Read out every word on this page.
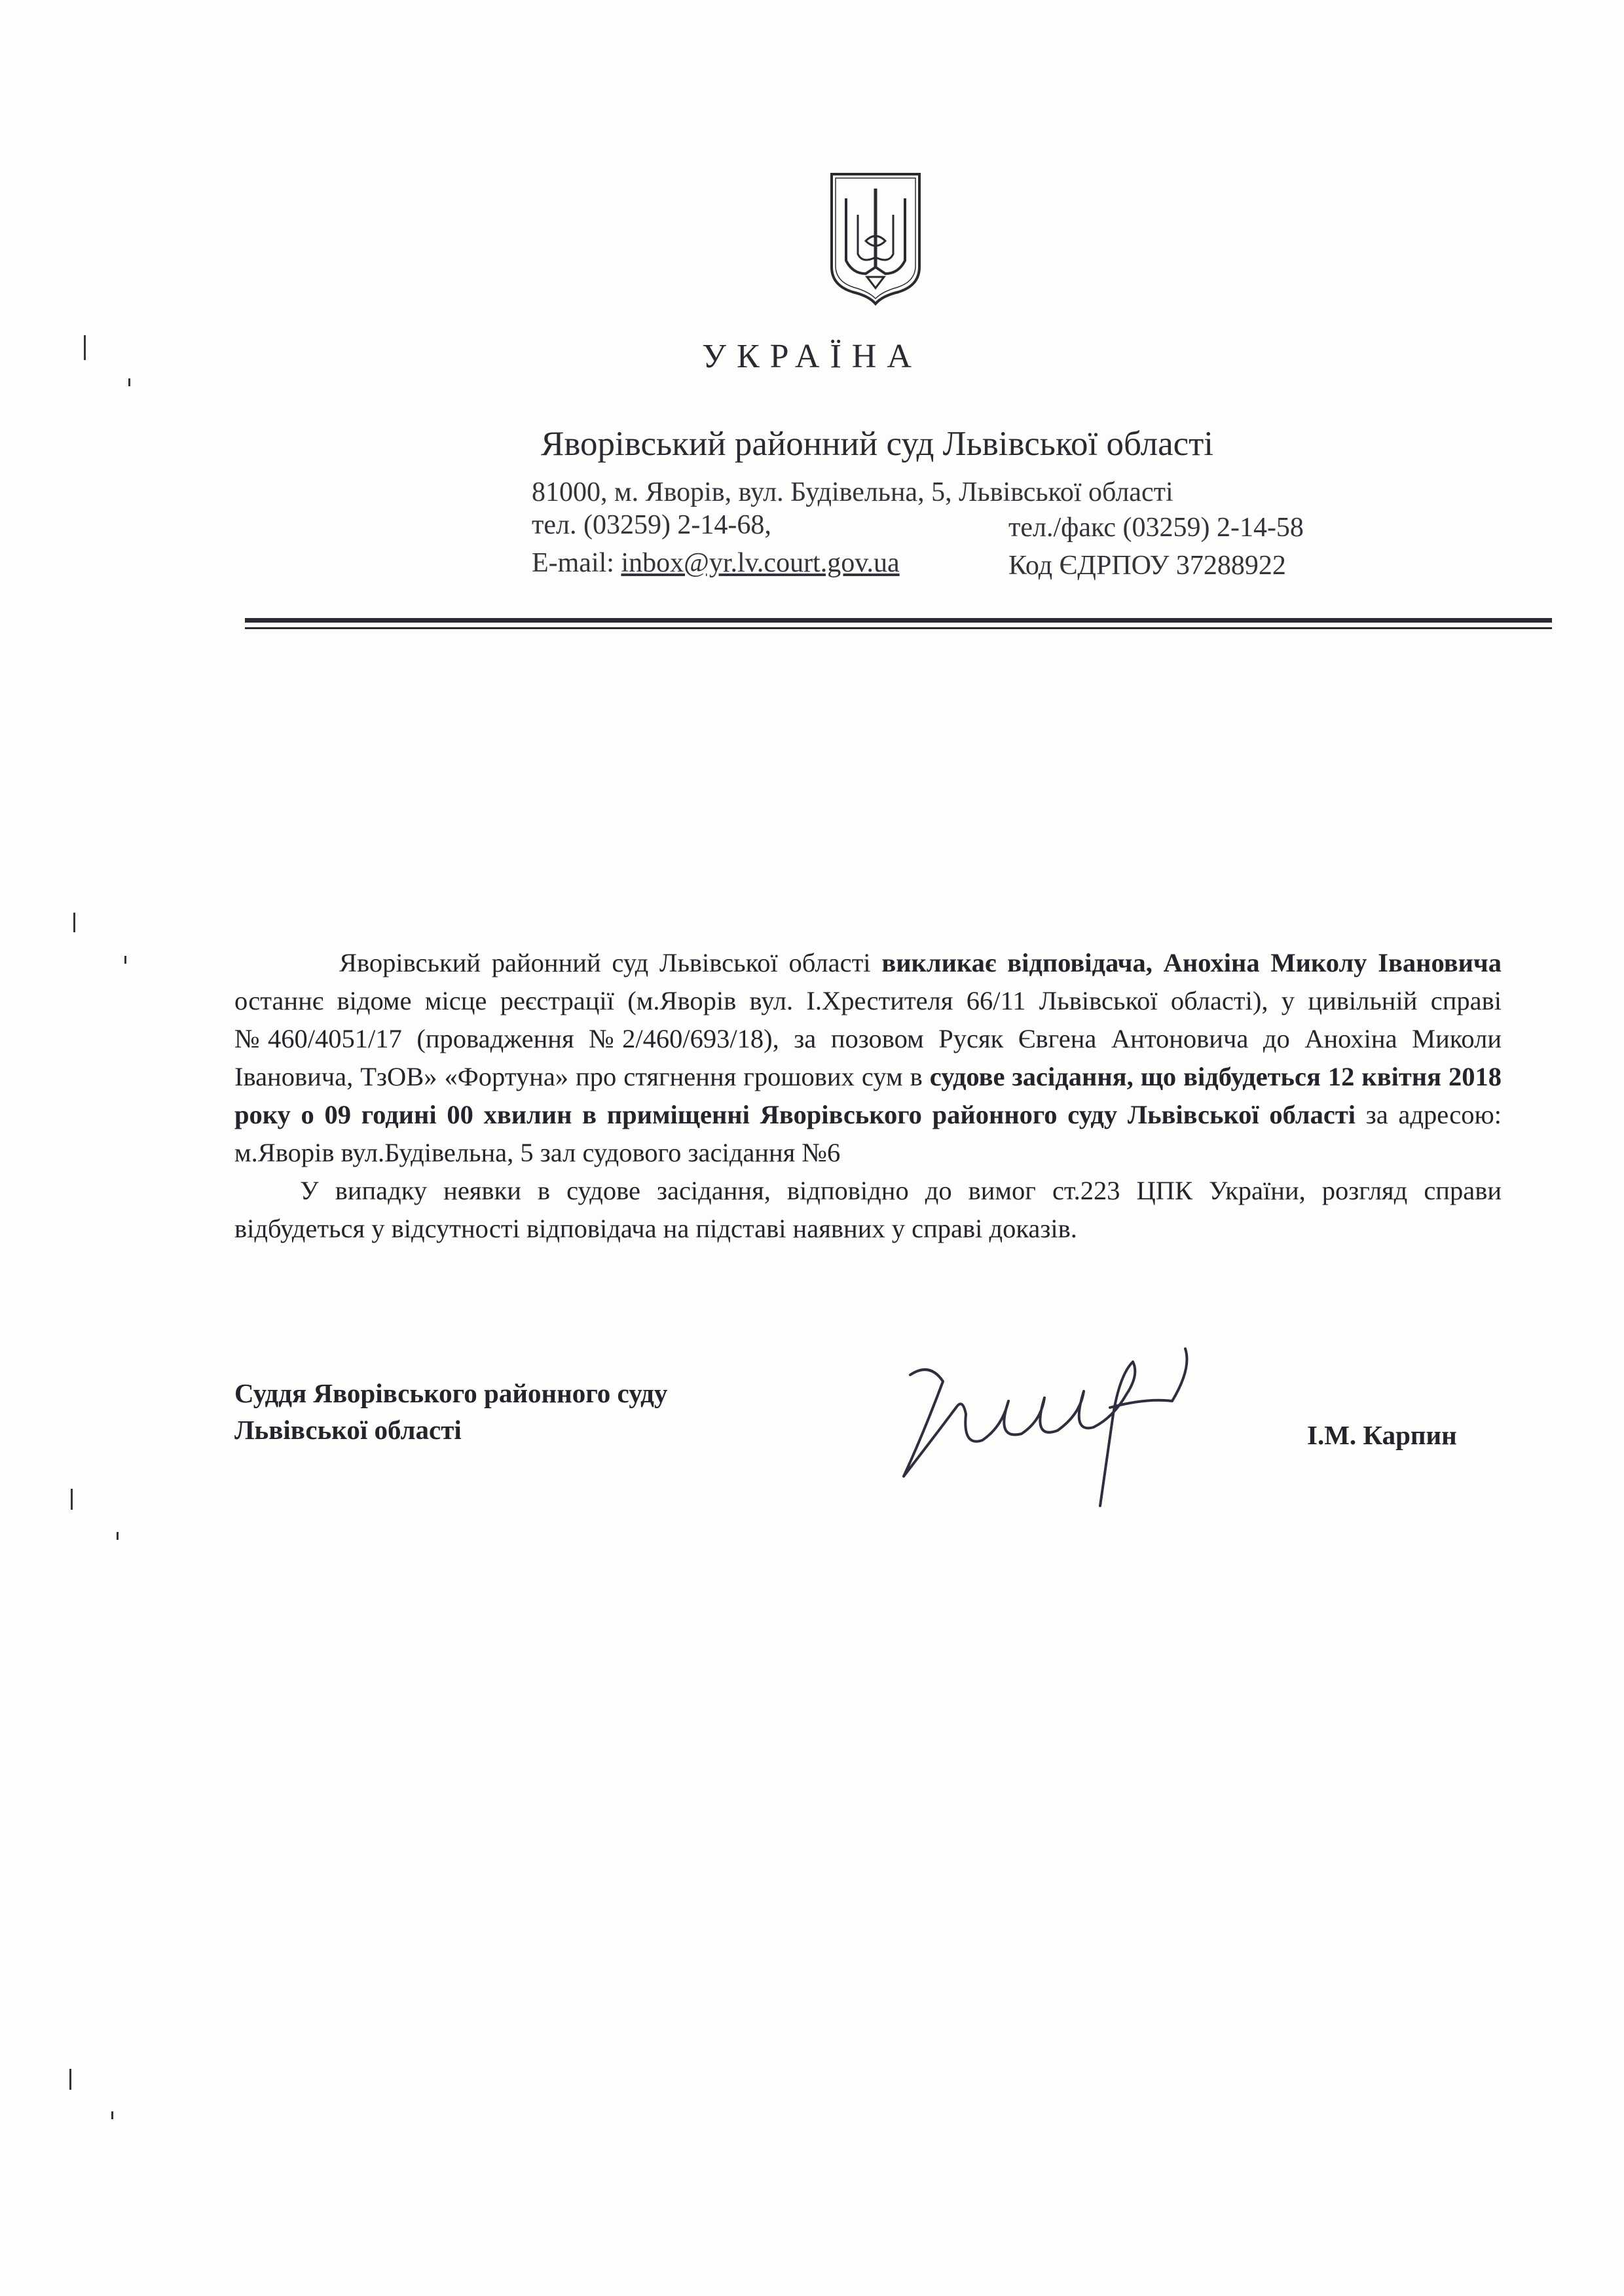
УКРАЇНА
Яворівський районний суд Львівської області
81000, м. Яворів, вул. Будівельна, 5, Львівської області
тел. (03259) 2-14-68,	тел./факс (03259) 2-14-58
E-mail: inbox@yr.lv.court.gov.ua	Код ЄДРПОУ 37288922

Яворівський районний суд Львівської області викликає відповідача, Анохіна Миколу Івановича останнє відоме місце реєстрації (м.Яворів вул. І.Хрестителя 66/11 Львівської області), у цивільній справі №460/4051/17 (провадження №2/460/693/18), за позовом Русяк Євгена Антоновича до Анохіна Миколи Івановича, ТзОВ» «Фортуна» про стягнення грошових сум в судове засідання, що відбудеться 12 квітня 2018 року о 09 годині 00 хвилин в приміщенні Яворівського районного суду Львівської області за адресою: м.Яворів вул.Будівельна, 5 зал судового засідання №6

У випадку неявки в судове засідання, відповідно до вимог ст.223 ЦПК України, розгляд справи відбудеться у відсутності відповідача на підставі наявних у справі доказів.

Суддя Яворівського районного суду
Львівської області	І.М. Карпин
